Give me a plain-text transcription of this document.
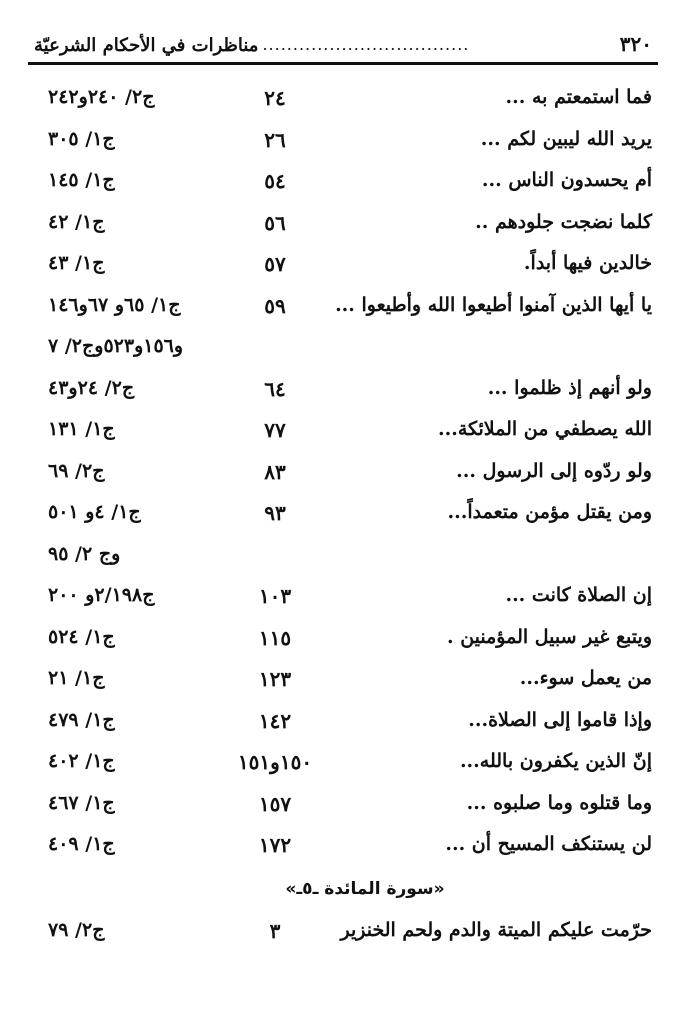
٣٢٠
..................................
مناظرات في الأحكام الشرعيّة
فما استمعتم به ...
٢٤
ج٢/ ٢٤٠و٢٤٢
يريد الله ليبين لكم ...
٢٦
ج١/ ٣٠٥
أم يحسدون الناس ...
٥٤
ج١/ ١٤٥
كلما نضجت جلودهم ..
٥٦
ج١/ ٤٢
خالدين فيها أبداً.
٥٧
ج١/ ٤٣
يا أيها الذين آمنوا أطيعوا الله وأطيعوا ...
٥٩
ج١/ ٦٥و ٦٧و١٤٦
و١٥٦و٥٢٣وج٢/ ٧
ولو أنهم إذ ظلموا ...
٦٤
ج٢/ ٢٤و٤٣
الله يصطفي من الملائكة...
٧٧
ج١/ ١٣١
ولو ردّوه إلى الرسول ...
٨٣
ج٢/ ٦٩
ومن يقتل مؤمن متعمداً...
٩٣
ج١/ ٤و ٥٠١
وج ٢/ ٩٥
إن الصلاة كانت ...
١٠٣
ج٢/١٩٨و ٢٠٠
ويتبع غير سبيل المؤمنين .
١١٥
ج١/ ٥٢٤
من يعمل سوء...
١٢٣
ج١/ ٢١
وإذا قاموا إلى الصلاة...
١٤٢
ج١/ ٤٧٩
إنّ الذين يكفرون بالله...
١٥٠و١٥١
ج١/ ٤٠٢
وما قتلوه وما صلبوه ...
١٥٧
ج١/ ٤٦٧
لن يستنكف المسيح أن ...
١٧٢
ج١/ ٤٠٩
«سورة المائدة ـ٥ـ»
حرّمت عليكم الميتة والدم ولحم الخنزير
٣
ج٢/ ٧٩
